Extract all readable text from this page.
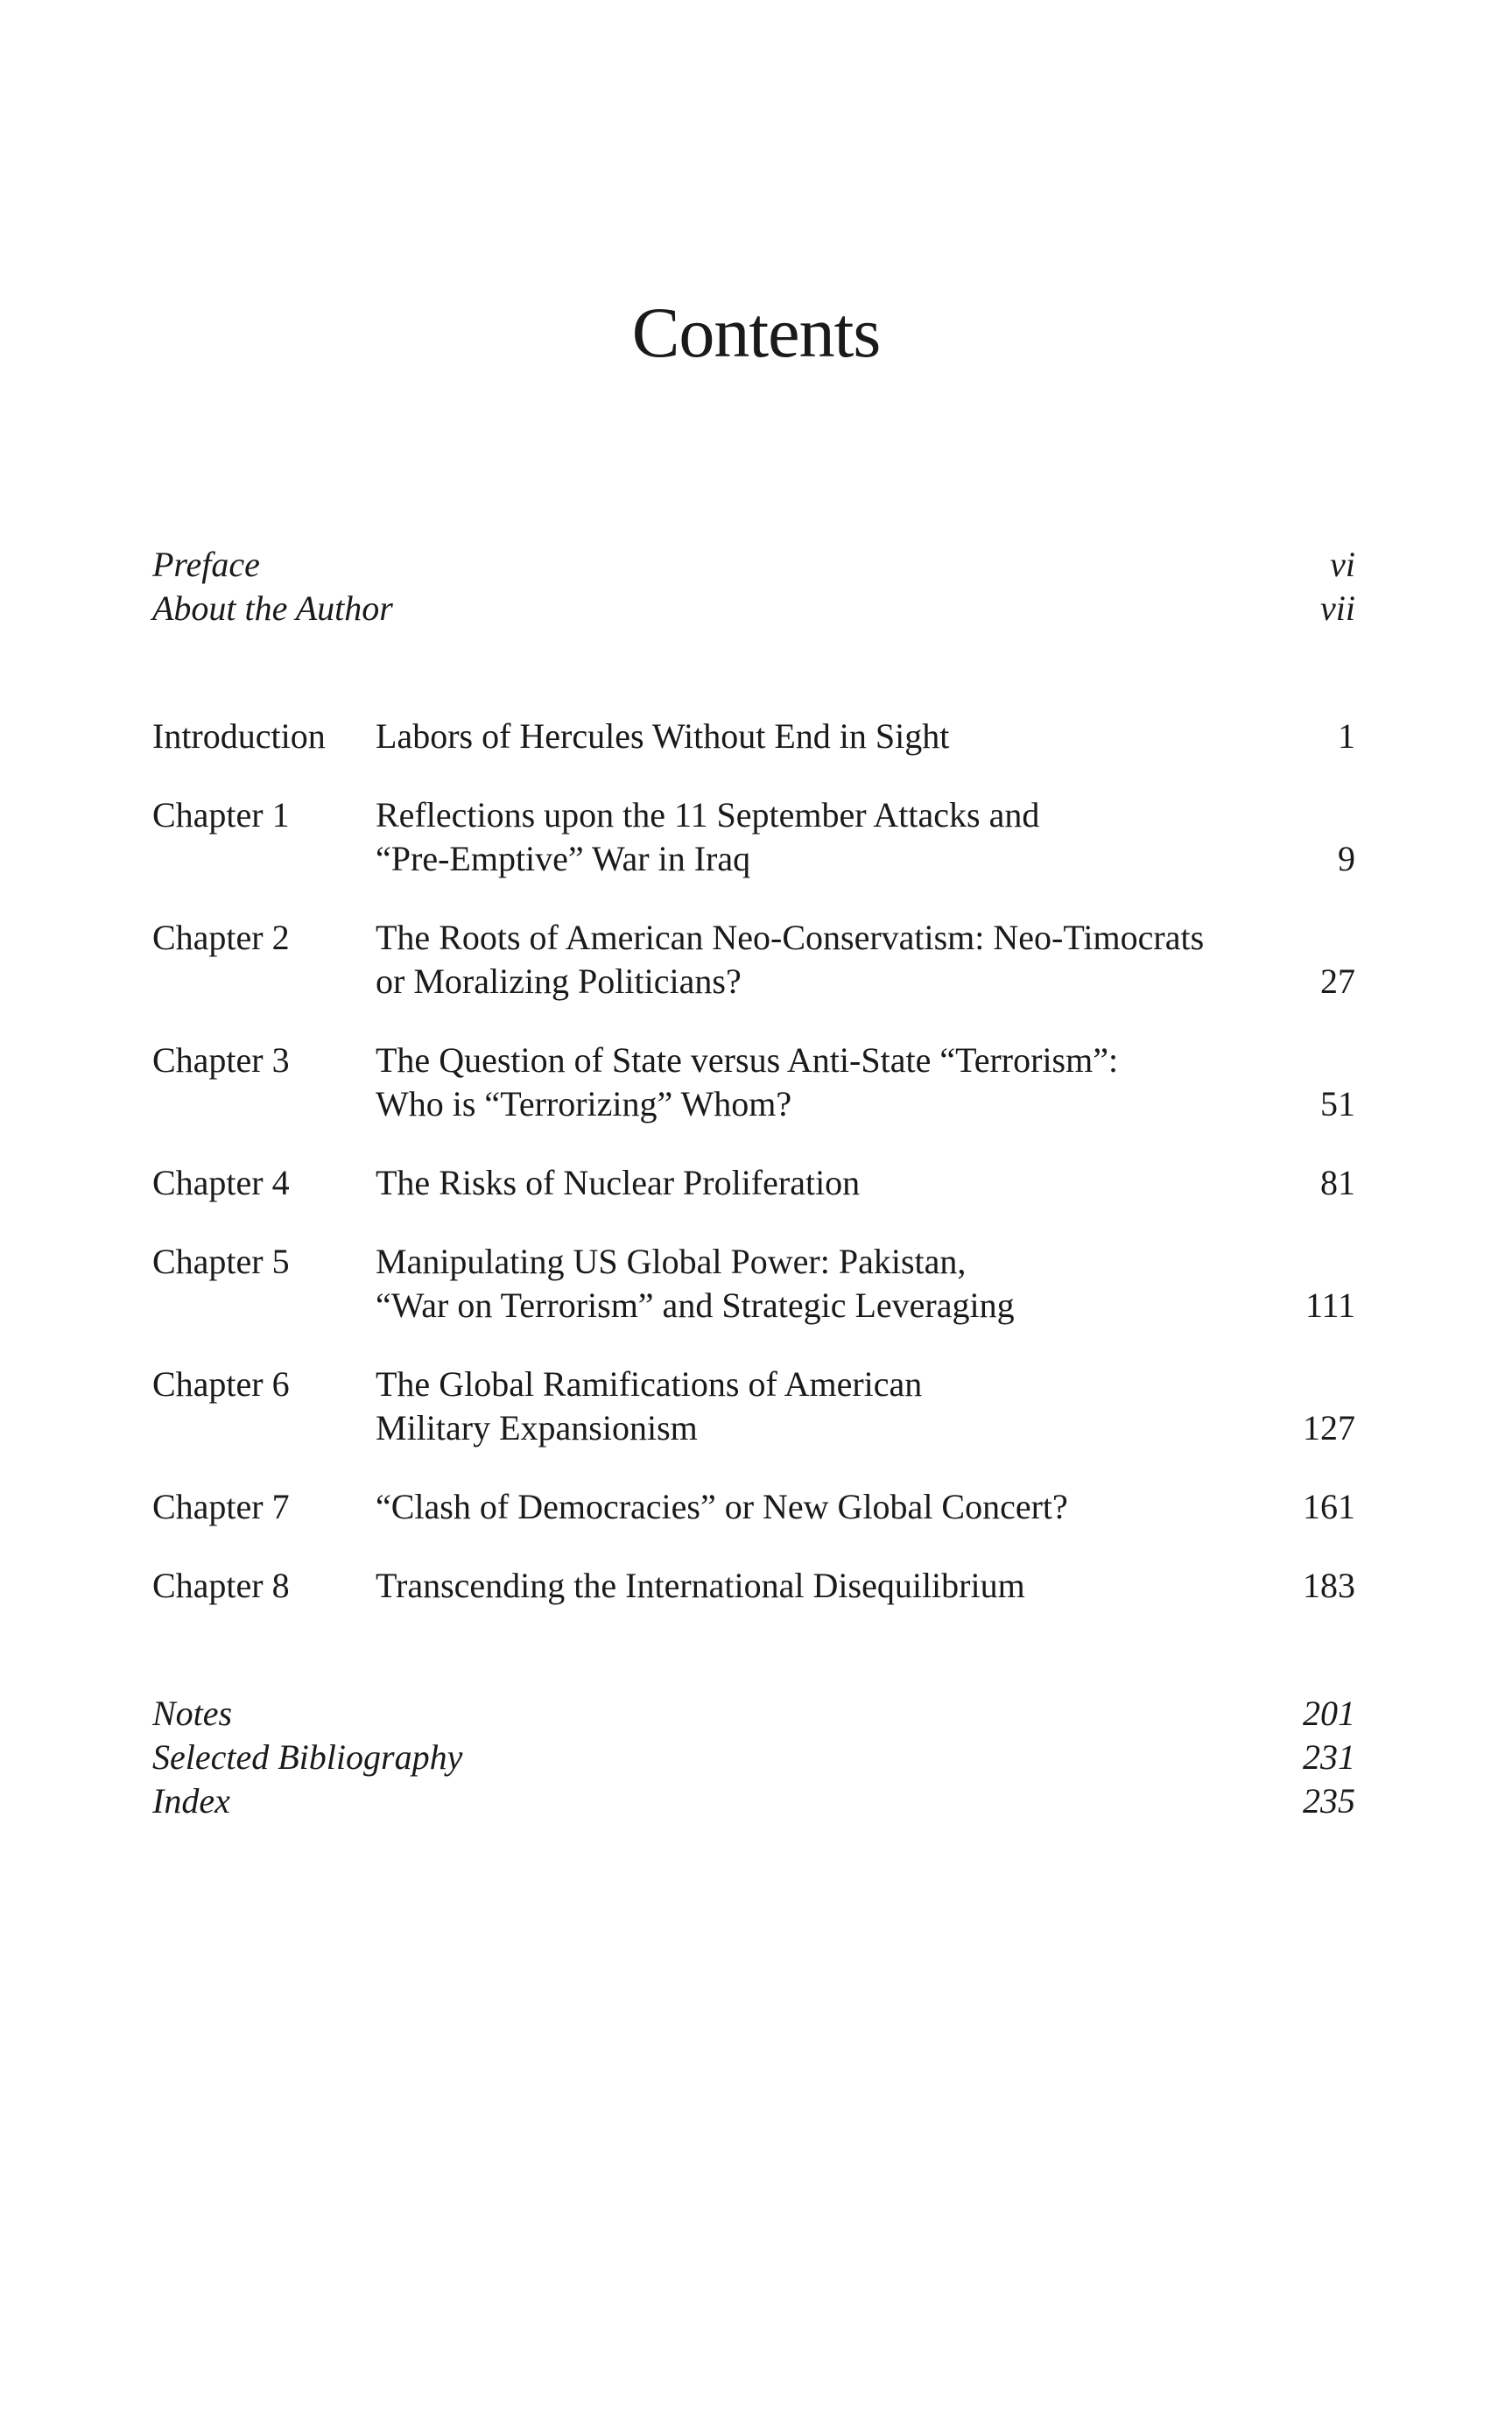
Contents
Preface	vi
About the Author	vii
Introduction Labors of Hercules Without End in Sight	1
Chapter 1 Reflections upon the 11 September Attacks and
“Pre-Emptive” War in Iraq	9
Chapter 2 The Roots of American Neo-Conservatism: Neo-Timocrats
or Moralizing Politicians?	27
Chapter 3 The Question of State versus Anti-State “Terrorism”:
Who is “Terrorizing” Whom?	51
Chapter 4 The Risks of Nuclear Proliferation	81
Chapter 5 Manipulating US Global Power: Pakistan,
“War on Terrorism” and Strategic Leveraging	111
Chapter 6 The Global Ramifications of American
Military Expansionism	127
Chapter 7 “Clash of Democracies” or New Global Concert?	161
Chapter 8 Transcending the International Disequilibrium	183
Notes	201
Selected Bibliography	231
Index	235
